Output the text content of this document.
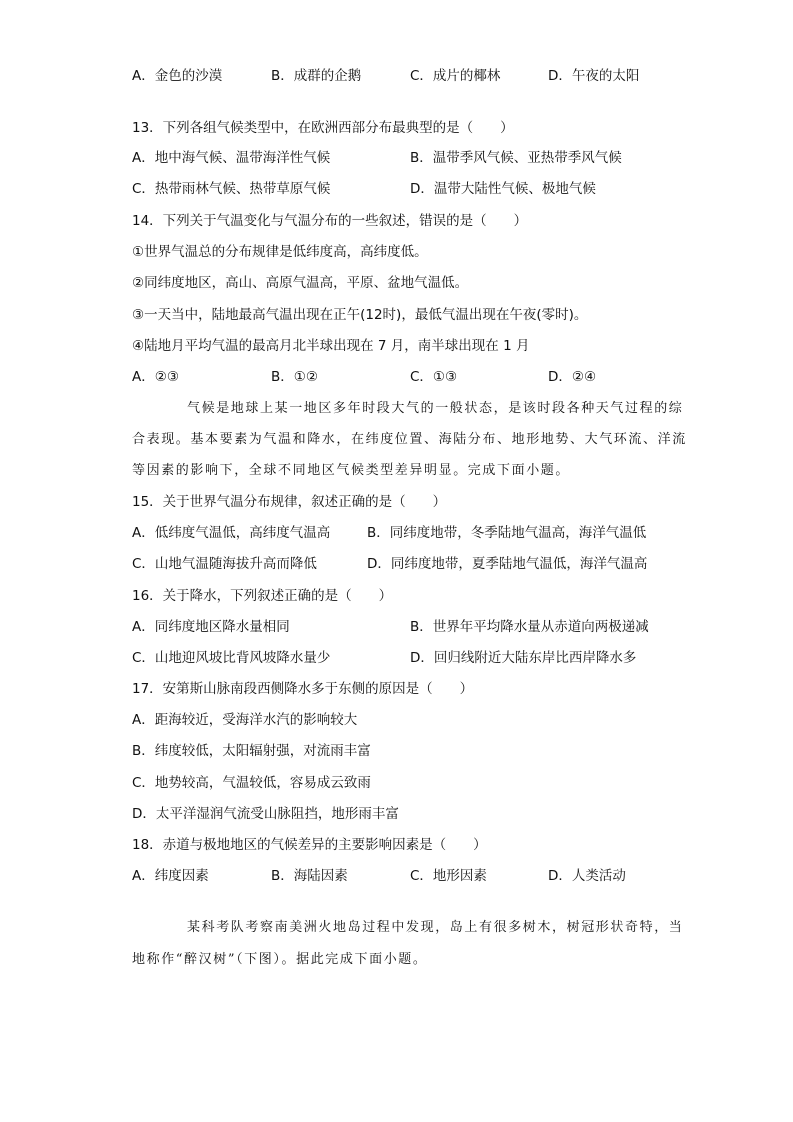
A．金色的沙漠	B．成群的企鹅	C．成片的椰林	D．午夜的太阳
13．下列各组气候类型中，在欧洲西部分布最典型的是（　　）
A．地中海气候、温带海洋性气候	B．温带季风气候、亚热带季风气候
C．热带雨林气候、热带草原气候	D．温带大陆性气候、极地气候
14．下列关于气温变化与气温分布的一些叙述，错误的是（　　）
①世界气温总的分布规律是低纬度高，高纬度低。
②同纬度地区，高山、高原气温高，平原、盆地气温低。
③一天当中，陆地最高气温出现在正午(12时)，最低气温出现在午夜(零时)。
④陆地月平均气温的最高月北半球出现在 7 月，南半球出现在 1 月
A．②③	B．①②	C．①③	D．②④
气候是地球上某一地区多年时段大气的一般状态，是该时段各种天气过程的综
合表现。基本要素为气温和降水，在纬度位置、海陆分布、地形地势、大气环流、洋流
等因素的影响下，全球不同地区气候类型差异明显。完成下面小题。
15．关于世界气温分布规律，叙述正确的是（　　）
A．低纬度气温低，高纬度气温高	B．同纬度地带，冬季陆地气温高，海洋气温低
C．山地气温随海拔升高而降低	D．同纬度地带，夏季陆地气温低，海洋气温高
16．关于降水，下列叙述正确的是（　　）
A．同纬度地区降水量相同	B．世界年平均降水量从赤道向两极递减
C．山地迎风坡比背风坡降水量少	D．回归线附近大陆东岸比西岸降水多
17．安第斯山脉南段西侧降水多于东侧的原因是（　　）
A．距海较近，受海洋水汽的影响较大
B．纬度较低，太阳辐射强，对流雨丰富
C．地势较高，气温较低，容易成云致雨
D．太平洋湿润气流受山脉阻挡，地形雨丰富
18．赤道与极地地区的气候差异的主要影响因素是（　　）
A．纬度因素	B．海陆因素	C．地形因素	D．人类活动
某科考队考察南美洲火地岛过程中发现，岛上有很多树木，树冠形状奇特，当
地称作“醉汉树”（下图）。据此完成下面小题。
